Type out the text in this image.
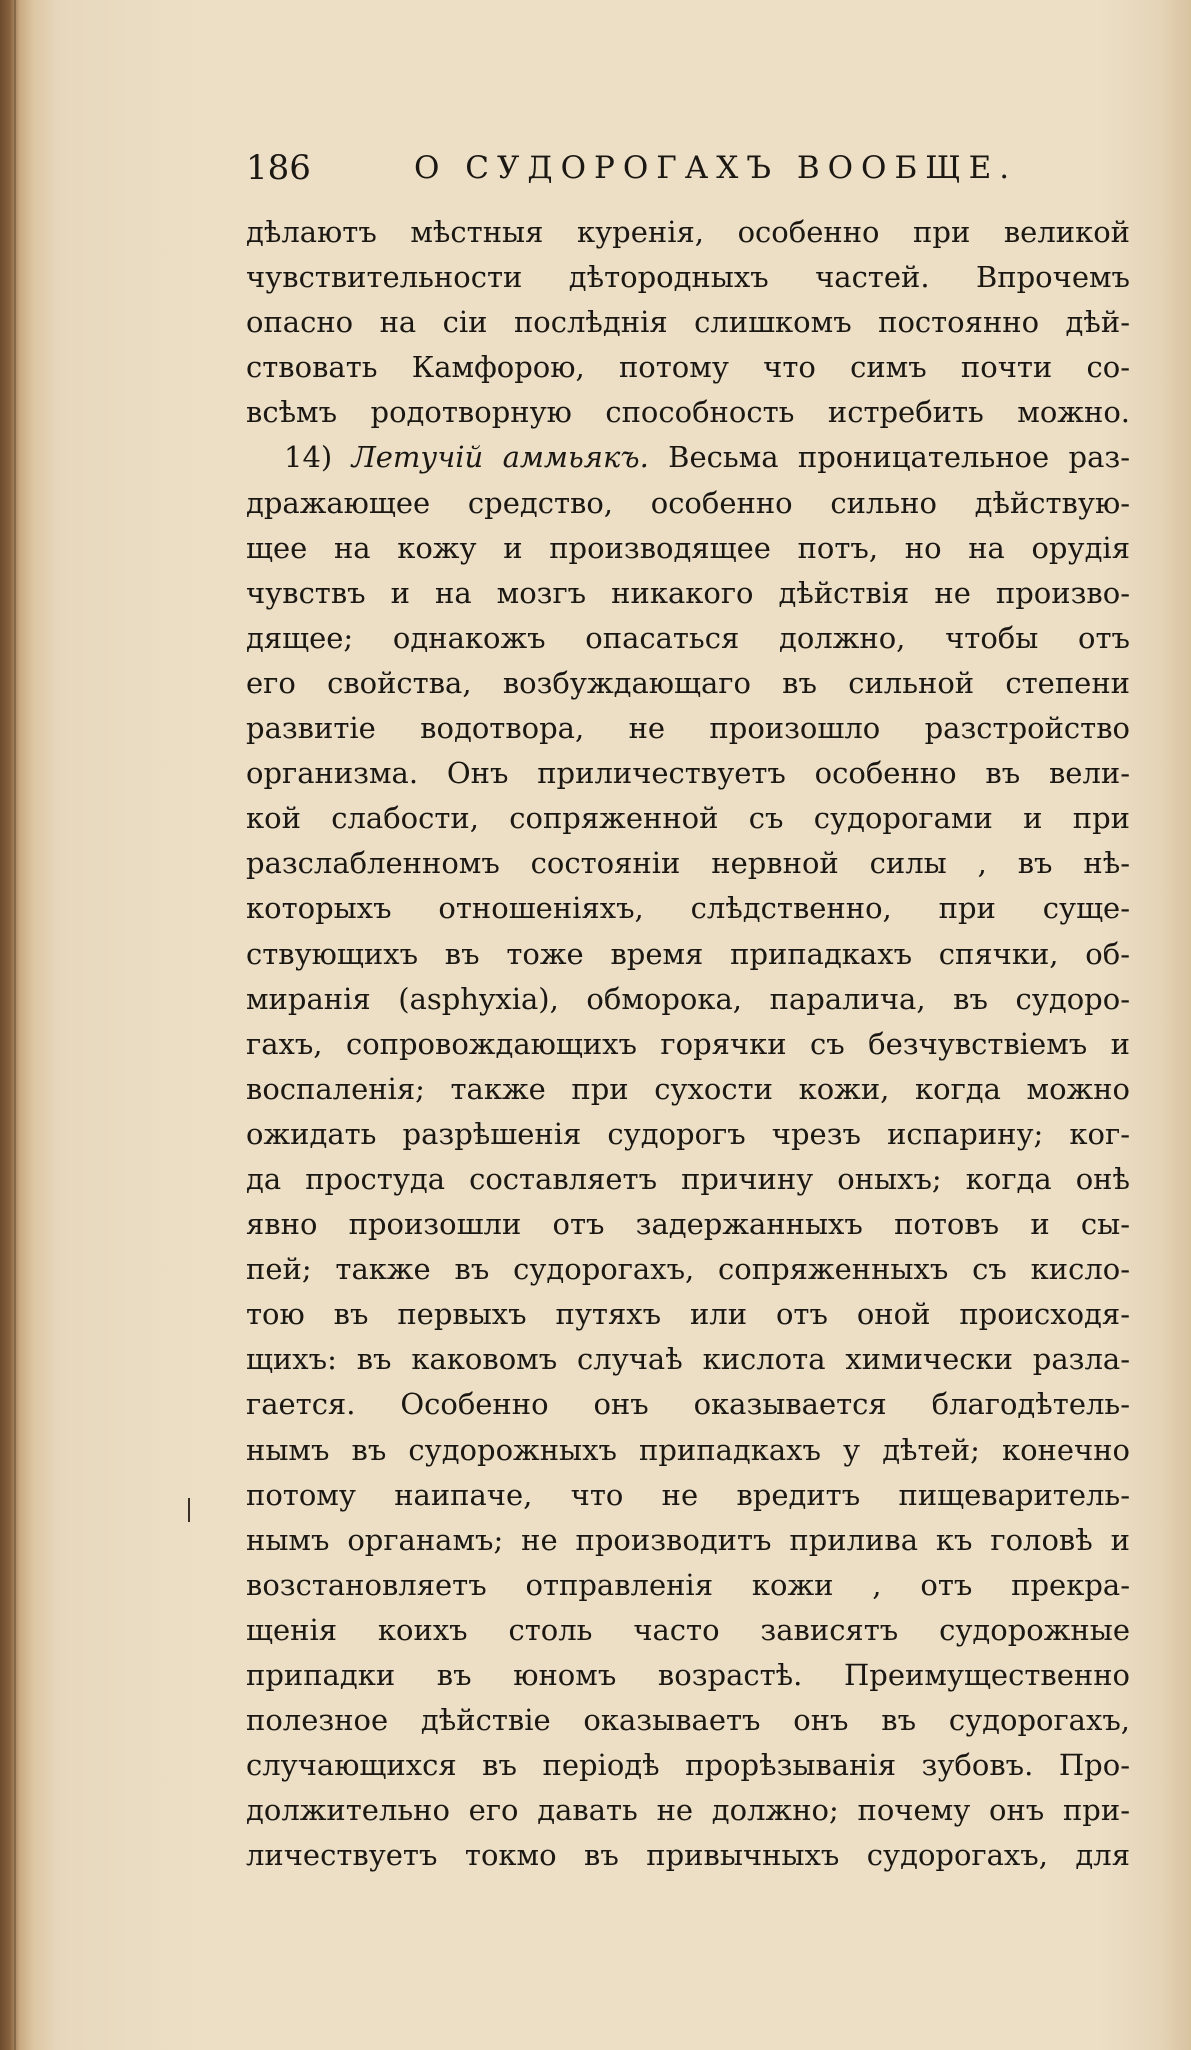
186	О СУДОРОГАХЪ ВООБЩЕ.
дѣлаютъ мѣстныя куренія, особенно при великой
чувствительности дѣтородныхъ частей. Впрочемъ
опасно на сіи послѣднія слишкомъ постоянно дѣй-
ствовать Камфорою, потому что симъ почти со-
всѣмъ родотворную способность истребить можно.
14) Летучій аммьякъ. Весьма проницательное раз-
дражающее средство, особенно сильно дѣйствую-
щее на кожу и производящее потъ, но на орудія
чувствъ и на мозгъ никакого дѣйствія не произво-
дящее; однакожъ опасаться должно, чтобы отъ
его свойства, возбуждающаго въ сильной степени
развитіе водотвора, не произошло разстройство
организма. Онъ приличествуетъ особенно въ вели-
кой слабости, сопряженной съ судорогами и при
разслабленномъ состояніи нервной силы , въ нѣ-
которыхъ отношеніяхъ, слѣдственно, при суще-
ствующихъ въ тоже время припадкахъ спячки, об-
миранія (asphyxia), обморока, паралича, въ судоро-
гахъ, сопровождающихъ горячки съ безчувствіемъ и
воспаленія; также при сухости кожи, когда можно
ожидать разрѣшенія судорогъ чрезъ испарину; ког-
да простуда составляетъ причину оныхъ; когда онѣ
явно произошли отъ задержанныхъ потовъ и сы-
пей; также въ судорогахъ, сопряженныхъ съ кисло-
тою въ первыхъ путяхъ или отъ оной происходя-
щихъ: въ каковомъ случаѣ кислота химически разла-
гается. Особенно онъ оказывается благодѣтель-
нымъ въ судорожныхъ припадкахъ у дѣтей; конечно
потому наипаче, что не вредитъ пищеваритель-
нымъ органамъ; не производитъ прилива къ головѣ и
возстановляетъ отправленія кожи , отъ прекра-
щенія коихъ столь часто зависятъ судорожные
припадки въ юномъ возрастѣ. Преимущественно
полезное дѣйствіе оказываетъ онъ въ судорогахъ,
случающихся въ періодѣ прорѣзыванія зубовъ. Про-
должительно его давать не должно; почему онъ при-
личествуетъ токмо въ привычныхъ судорогахъ, для
